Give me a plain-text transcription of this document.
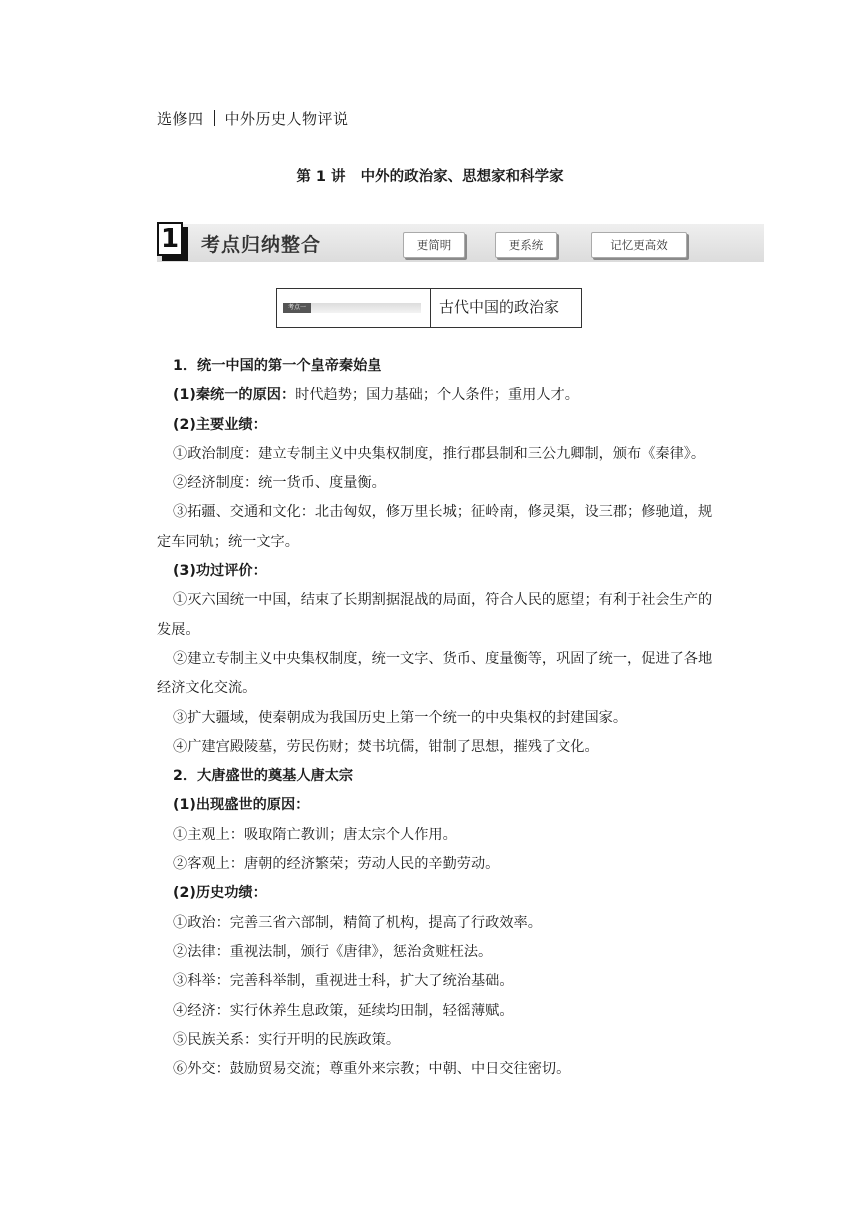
选修四 中外历史人物评说
第 1 讲 中外的政治家、思想家和科学家
1 考点归纳整合	更简明	更系统	记忆更高效
考点一	古代中国的政治家

1．统一中国的第一个皇帝秦始皇

(1)秦统一的原因：时代趋势；国力基础；个人条件；重用人才。

(2)主要业绩：

①政治制度：建立专制主义中央集权制度，推行郡县制和三公九卿制，颁布《秦律》。

②经济制度：统一货币、度量衡。

③拓疆、交通和文化：北击匈奴，修万里长城；征岭南，修灵渠，设三郡；修驰道，规

定车同轨；统一文字。

(3)功过评价：

①灭六国统一中国，结束了长期割据混战的局面，符合人民的愿望；有利于社会生产的

发展。

②建立专制主义中央集权制度，统一文字、货币、度量衡等，巩固了统一，促进了各地

经济文化交流。

③扩大疆域，使秦朝成为我国历史上第一个统一的中央集权的封建国家。

④广建宫殿陵墓，劳民伤财；焚书坑儒，钳制了思想，摧残了文化。

2．大唐盛世的奠基人唐太宗

(1)出现盛世的原因：

①主观上：吸取隋亡教训；唐太宗个人作用。

②客观上：唐朝的经济繁荣；劳动人民的辛勤劳动。

(2)历史功绩：

①政治：完善三省六部制，精简了机构，提高了行政效率。

②法律：重视法制，颁行《唐律》，惩治贪赃枉法。

③科举：完善科举制，重视进士科，扩大了统治基础。

④经济：实行休养生息政策，延续均田制，轻徭薄赋。

⑤民族关系：实行开明的民族政策。

⑥外交：鼓励贸易交流；尊重外来宗教；中朝、中日交往密切。
